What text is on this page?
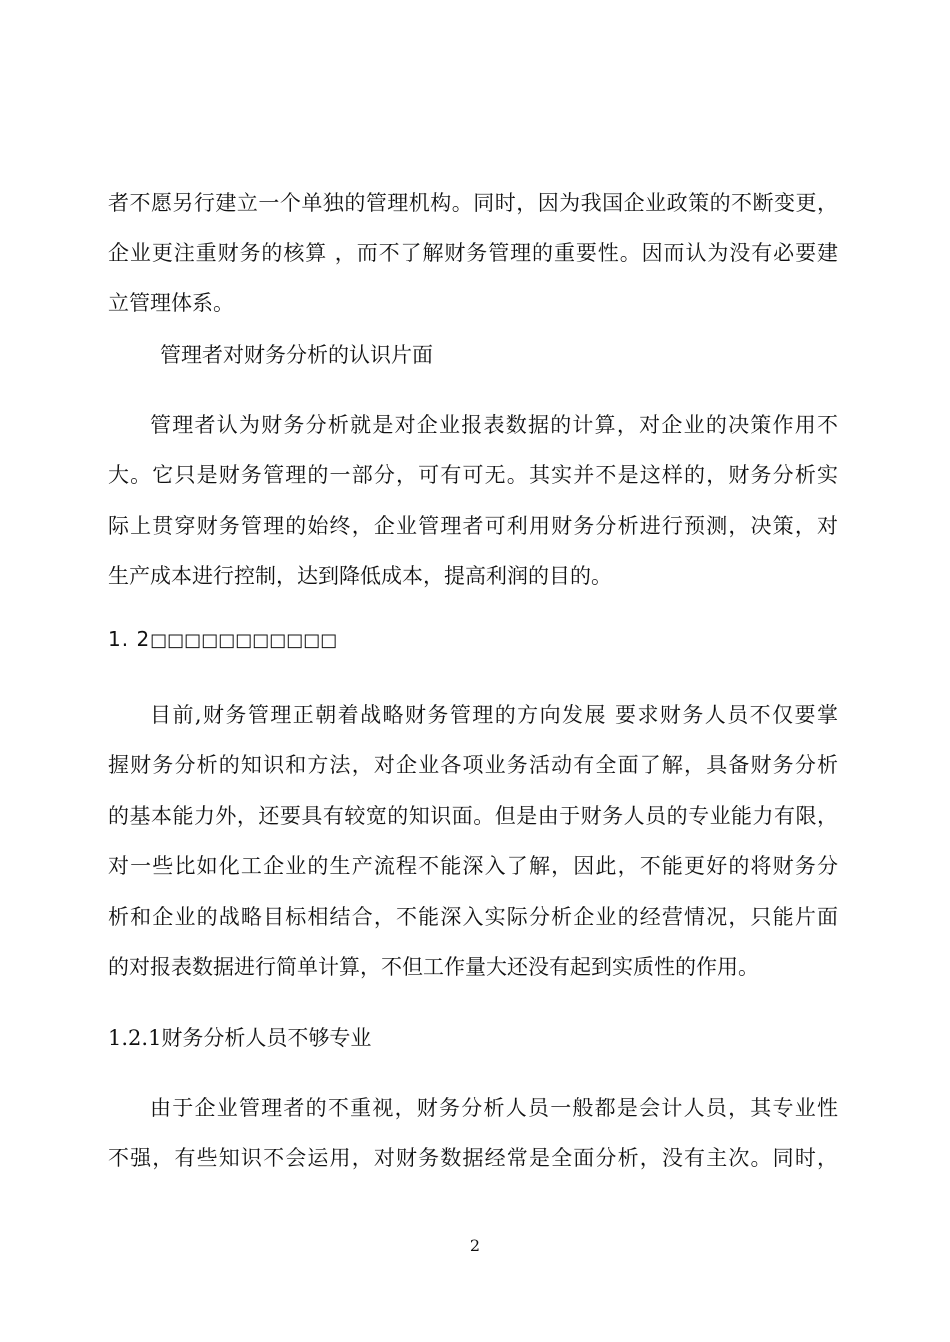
者不愿另行建立一个单独的管理机构。同时，因为我国企业政策的不断变更，
企业更注重财务的核算 ，而不了解财务管理的重要性。因而认为没有必要建
立管理体系。
管理者对财务分析的认识片面
管理者认为财务分析就是对企业报表数据的计算，对企业的决策作用不
大。它只是财务管理的一部分，可有可无。其实并不是这样的，财务分析实
际上贯穿财务管理的始终，企业管理者可利用财务分析进行预测，决策，对
生产成本进行控制，达到降低成本，提高利润的目的。
1. 2□□□□□□□□□□□
目前,财务管理正朝着战略财务管理的方向发展 要求财务人员不仅要掌
握财务分析的知识和方法，对企业各项业务活动有全面了解，具备财务分析
的基本能力外，还要具有较宽的知识面。但是由于财务人员的专业能力有限，
对一些比如化工企业的生产流程不能深入了解，因此，不能更好的将财务分
析和企业的战略目标相结合，不能深入实际分析企业的经营情况，只能片面
的对报表数据进行简单计算，不但工作量大还没有起到实质性的作用。
1.2.1财务分析人员不够专业
由于企业管理者的不重视，财务分析人员一般都是会计人员，其专业性
不强，有些知识不会运用，对财务数据经常是全面分析，没有主次。同时，
2
